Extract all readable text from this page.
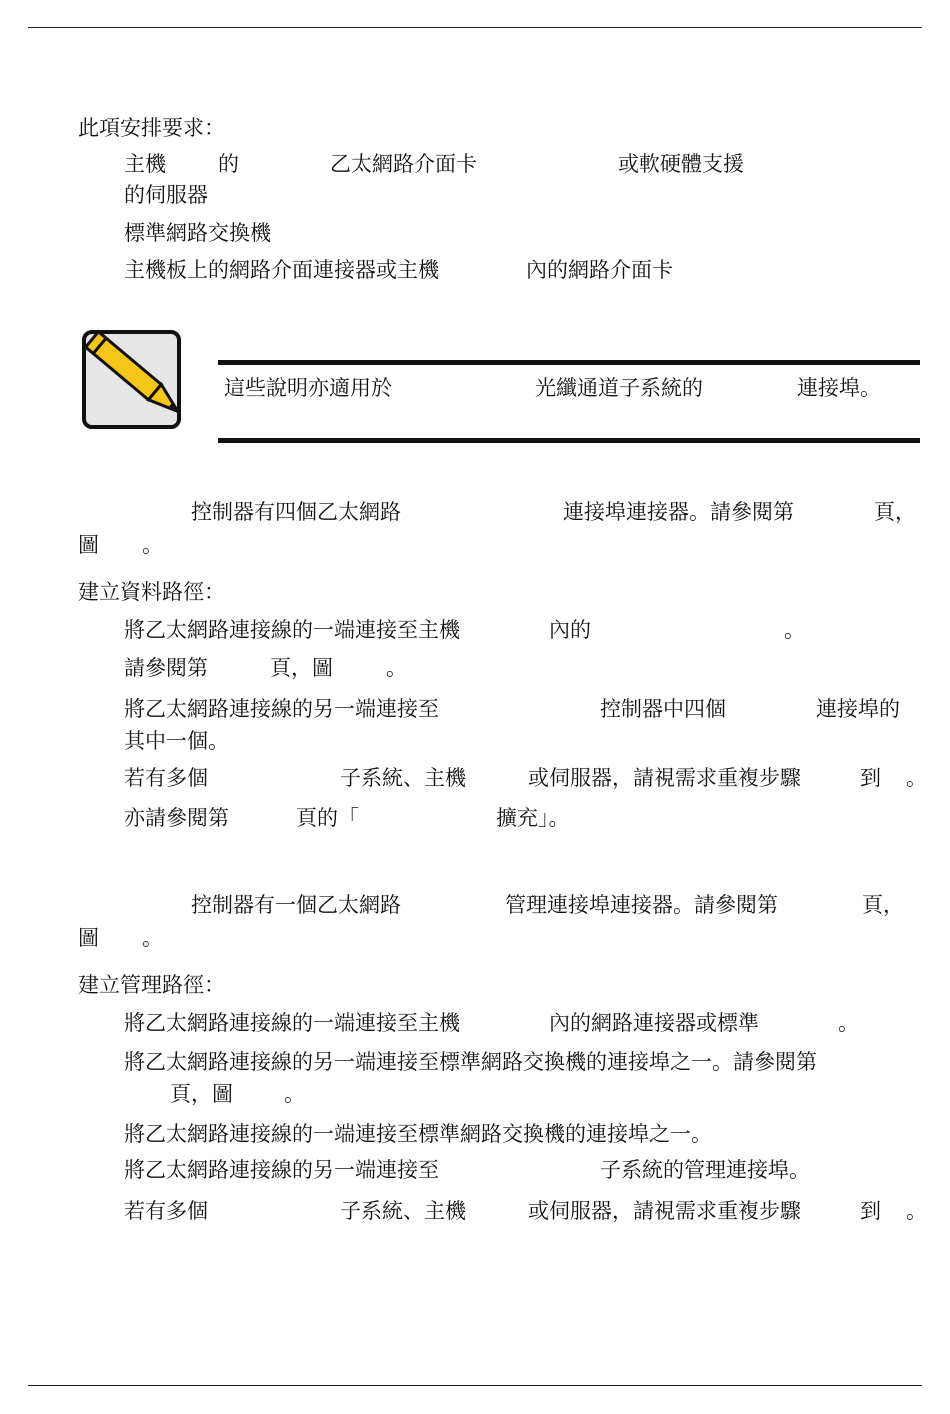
此項安排要求：
主機 的	乙太網路介面卡	或軟硬體支援
的伺服器
標準網路交換機
主機板上的網路介面連接器或主機	內的網路介面卡
這些說明亦適用於	光纖通道子系統的	連接埠。
控制器有四個乙太網路	連接埠連接器。請參閱第	頁，
圖 。
建立資料路徑：
將乙太網路連接線的一端連接至主機	內的	。
請參閱第	頁，圖	。
將乙太網路連接線的另一端連接至	控制器中四個	連接埠的
其中一個。
若有多個	子系統、主機	或伺服器，請視需求重複步驟	到 。
亦請參閱第	頁的「	擴充」。
控制器有一個乙太網路	管理連接埠連接器。請參閱第	頁，
圖 。
建立管理路徑：
將乙太網路連接線的一端連接至主機	內的網路連接器或標準	。
將乙太網路連接線的另一端連接至標準網路交換機的連接埠之一。請參閱第
頁，圖 。
將乙太網路連接線的一端連接至標準網路交換機的連接埠之一。
將乙太網路連接線的另一端連接至	子系統的管理連接埠。
若有多個	子系統、主機	或伺服器，請視需求重複步驟	到 。
